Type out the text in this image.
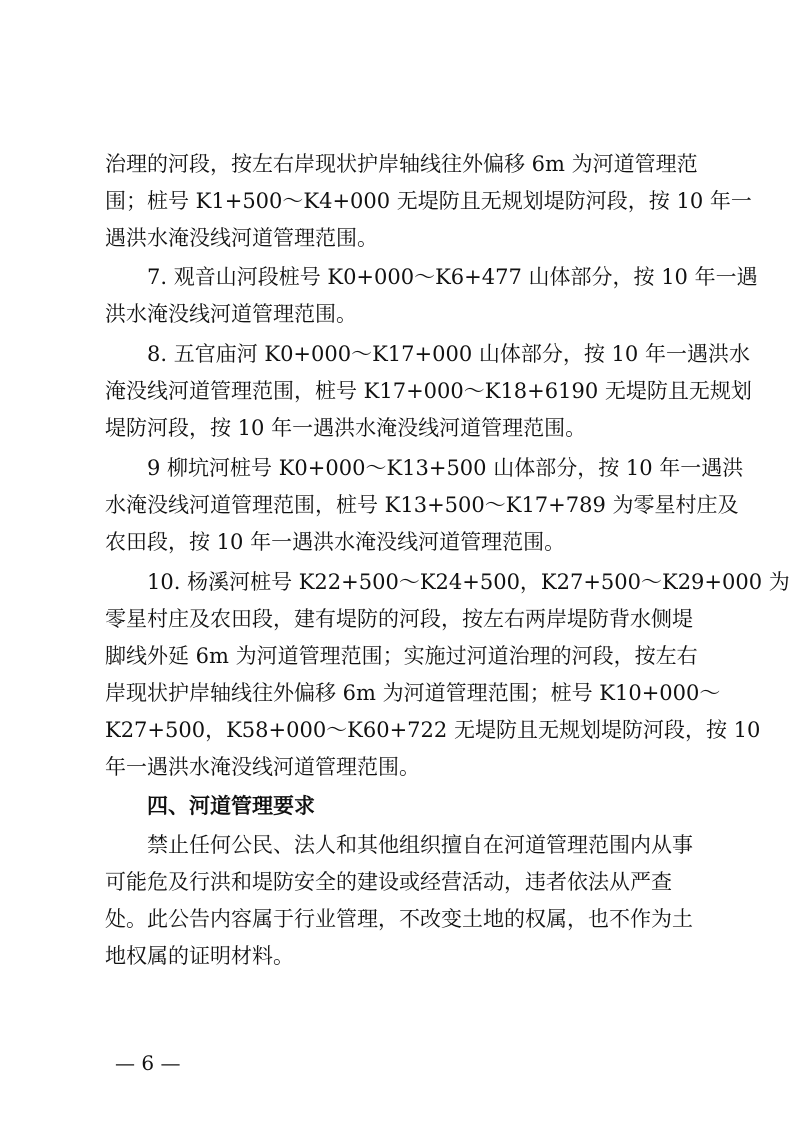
治理的河段，按左右岸现状护岸轴线往外偏移 6m 为河道管理范
围；桩号 K1+500～K4+000 无堤防且无规划堤防河段，按 10 年一
遇洪水淹没线河道管理范围。
7. 观音山河段桩号 K0+000～K6+477 山体部分，按 10 年一遇
洪水淹没线河道管理范围。
8. 五官庙河 K0+000～K17+000 山体部分，按 10 年一遇洪水
淹没线河道管理范围，桩号 K17+000～K18+6190 无堤防且无规划
堤防河段，按 10 年一遇洪水淹没线河道管理范围。
9 柳坑河桩号 K0+000～K13+500 山体部分，按 10 年一遇洪
水淹没线河道管理范围，桩号 K13+500～K17+789 为零星村庄及
农田段，按 10 年一遇洪水淹没线河道管理范围。
10. 杨溪河桩号 K22+500～K24+500，K27+500～K29+000 为
零星村庄及农田段，建有堤防的河段，按左右两岸堤防背水侧堤
脚线外延 6m 为河道管理范围；实施过河道治理的河段，按左右
岸现状护岸轴线往外偏移 6m 为河道管理范围；桩号 K10+000～
K27+500，K58+000～K60+722 无堤防且无规划堤防河段，按 10
年一遇洪水淹没线河道管理范围。
四、河道管理要求
禁止任何公民、法人和其他组织擅自在河道管理范围内从事
可能危及行洪和堤防安全的建设或经营活动，违者依法从严查
处。此公告内容属于行业管理，不改变土地的权属，也不作为土
地权属的证明材料。
— 6 —
